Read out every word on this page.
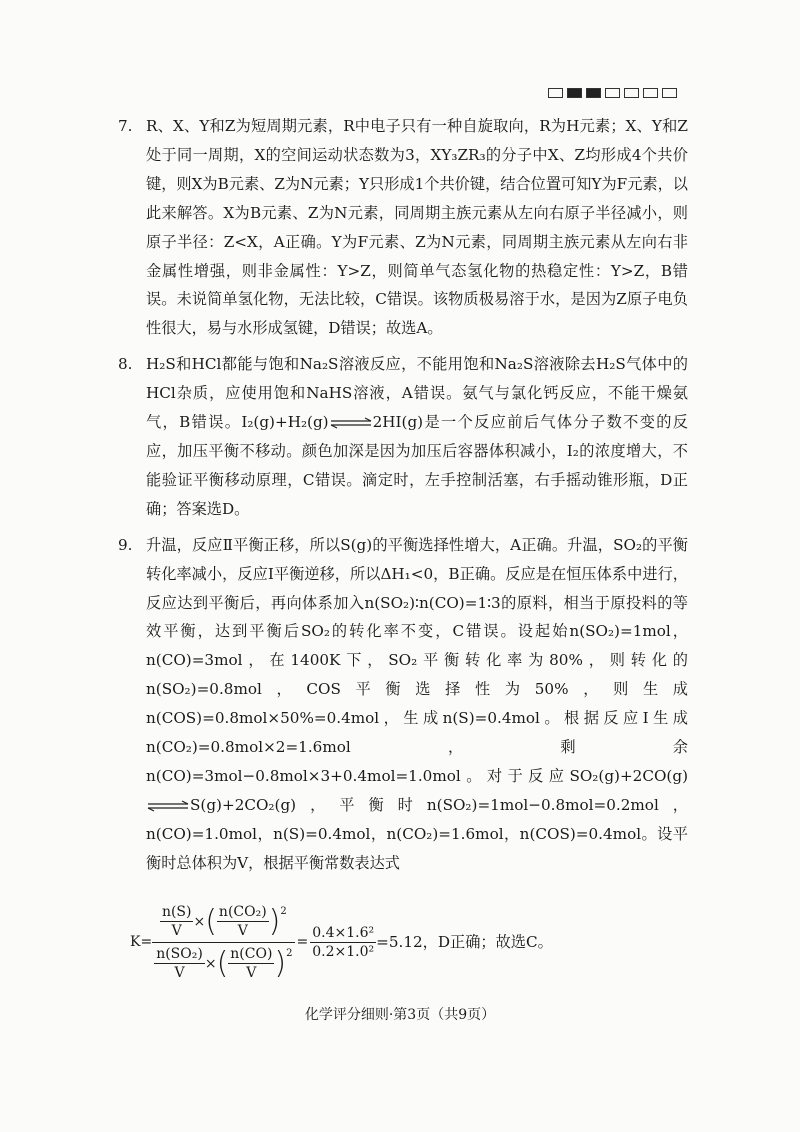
7. R、X、Y和Z为短周期元素，R中电子只有一种自旋取向，R为H元素；X、Y和Z处于同一周期，X的空间运动状态数为3，XY₃ZR₃的分子中X、Z均形成4个共价键，则X为B元素、Z为N元素；Y只形成1个共价键，结合位置可知Y为F元素，以此来解答。X为B元素、Z为N元素，同周期主族元素从左向右原子半径减小，则原子半径：Z<X，A正确。Y为F元素、Z为N元素，同周期主族元素从左向右非金属性增强，则非金属性：Y>Z，则简单气态氢化物的热稳定性：Y>Z，B错误。未说简单氢化物，无法比较，C错误。该物质极易溶于水，是因为Z原子电负性很大，易与水形成氢键，D错误；故选A。

8. H₂S和HCl都能与饱和Na₂S溶液反应，不能用饱和Na₂S溶液除去H₂S气体中的HCl杂质，应使用饱和NaHS溶液，A错误。氨气与氯化钙反应，不能干燥氨气，B错误。I₂(g)+H₂(g)⇌2HI(g)是一个反应前后气体分子数不变的反应，加压平衡不移动。颜色加深是因为加压后容器体积减小，I₂的浓度增大，不能验证平衡移动原理，C错误。滴定时，左手控制活塞，右手摇动锥形瓶，D正确；答案选D。

9. 升温，反应Ⅱ平衡正移，所以S(g)的平衡选择性增大，A正确。升温，SO₂的平衡转化率减小，反应Ⅰ平衡逆移，所以ΔH₁<0，B正确。反应是在恒压体系中进行，反应达到平衡后，再向体系加入n(SO₂)∶n(CO)=1∶3的原料，相当于原投料的等效平衡，达到平衡后SO₂的转化率不变，C错误。设起始n(SO₂)=1mol，n(CO)=3mol，在1400K下，SO₂平衡转化率为80%，则转化的n(SO₂)=0.8mol，COS平衡选择性为50%，则生成n(COS)=0.8mol×50%=0.4mol，生成n(S)=0.4mol。根据反应Ⅰ生成n(CO₂)=0.8mol×2=1.6mol，剩余n(CO)=3mol−0.8mol×3+0.4mol=1.0mol。对于反应SO₂(g)+2CO(g)⇌S(g)+2CO₂(g)，平衡时n(SO₂)=1mol−0.8mol=0.2mol，n(CO)=1.0mol，n(S)=0.4mol，n(CO₂)=1.6mol，n(COS)=0.4mol。设平衡时总体积为V，根据平衡常数表达式

K=
n(S)
V
× ( n(CO₂)
V )$^2$
n(SO₂)
V
× ( n(CO)
V )$^2$
=
0.4×1.6²
0.2×1.0²
=5.12，D正确；故选C。
化学评分细则·第3页（共9页）
